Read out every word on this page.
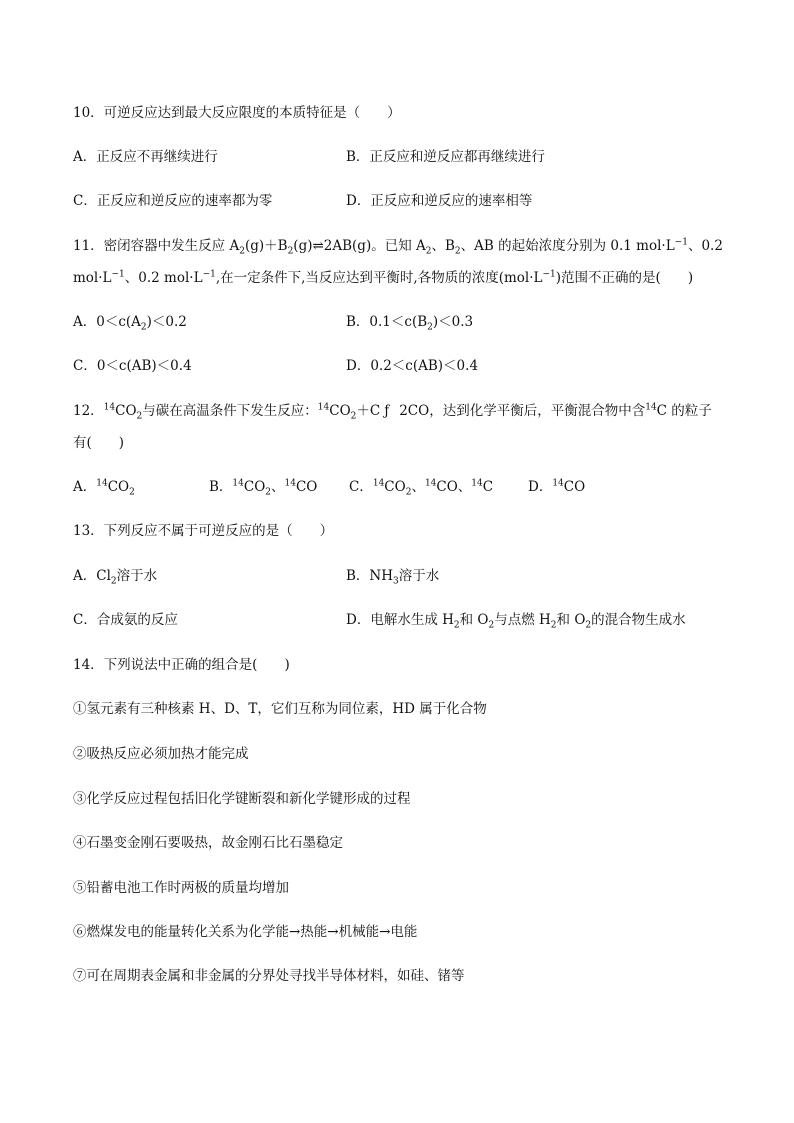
10．可逆反应达到最大反应限度的本质特征是（　　）
A．正反应不再继续进行	B．正反应和逆反应都再继续进行
C．正反应和逆反应的速率都为零	D．正反应和逆反应的速率相等
11．密闭容器中发生反应 $A_2(g)+B_2(g)\rightleftharpoons 2AB(g)$。已知 $A_2$、$B_2$、AB 的起始浓度分别为 0.1 $mol\cdot L^{-1}$、0.2
$mol\cdot L^{-1}$、0.2 $mol\cdot L^{-1}$,在一定条件下,当反应达到平衡时,各物质的浓度$(mol\cdot L^{-1})$范围不正确的是(　　)
A．$0<c(A_2)<0.2$	B．$0.1<c(B_2)<0.3$
C．0＜c(AB)＜0.4	D．0.2＜c(AB)＜0.4
12．$^{14}CO_2$与碳在高温条件下发生反应：$^{14}CO_2+C$ ƒ 2CO，达到化学平衡后，平衡混合物中含$^{14}$C 的粒子
有(　　)
A．$^{14}CO_2$	B．$^{14}CO_2$、$^{14}$CO C．$^{14}CO_2$、$^{14}$CO、$^{14}$C	D．$^{14}$CO
13．下列反应不属于可逆反应的是（　　）
A．$Cl_2$溶于水	B．$NH_3$溶于水
C．合成氨的反应	D．电解水生成 $H_2$和 $O_2$与点燃 $H_2$和 $O_2$的混合物生成水
14．下列说法中正确的组合是(　　)
①氢元素有三种核素 H、D、T，它们互称为同位素，HD 属于化合物
②吸热反应必须加热才能完成
③化学反应过程包括旧化学键断裂和新化学键形成的过程
④石墨变金刚石要吸热，故金刚石比石墨稳定
⑤铅蓄电池工作时两极的质量均增加
⑥燃煤发电的能量转化关系为化学能→热能→机械能→电能
⑦可在周期表金属和非金属的分界处寻找半导体材料，如硅、锗等
